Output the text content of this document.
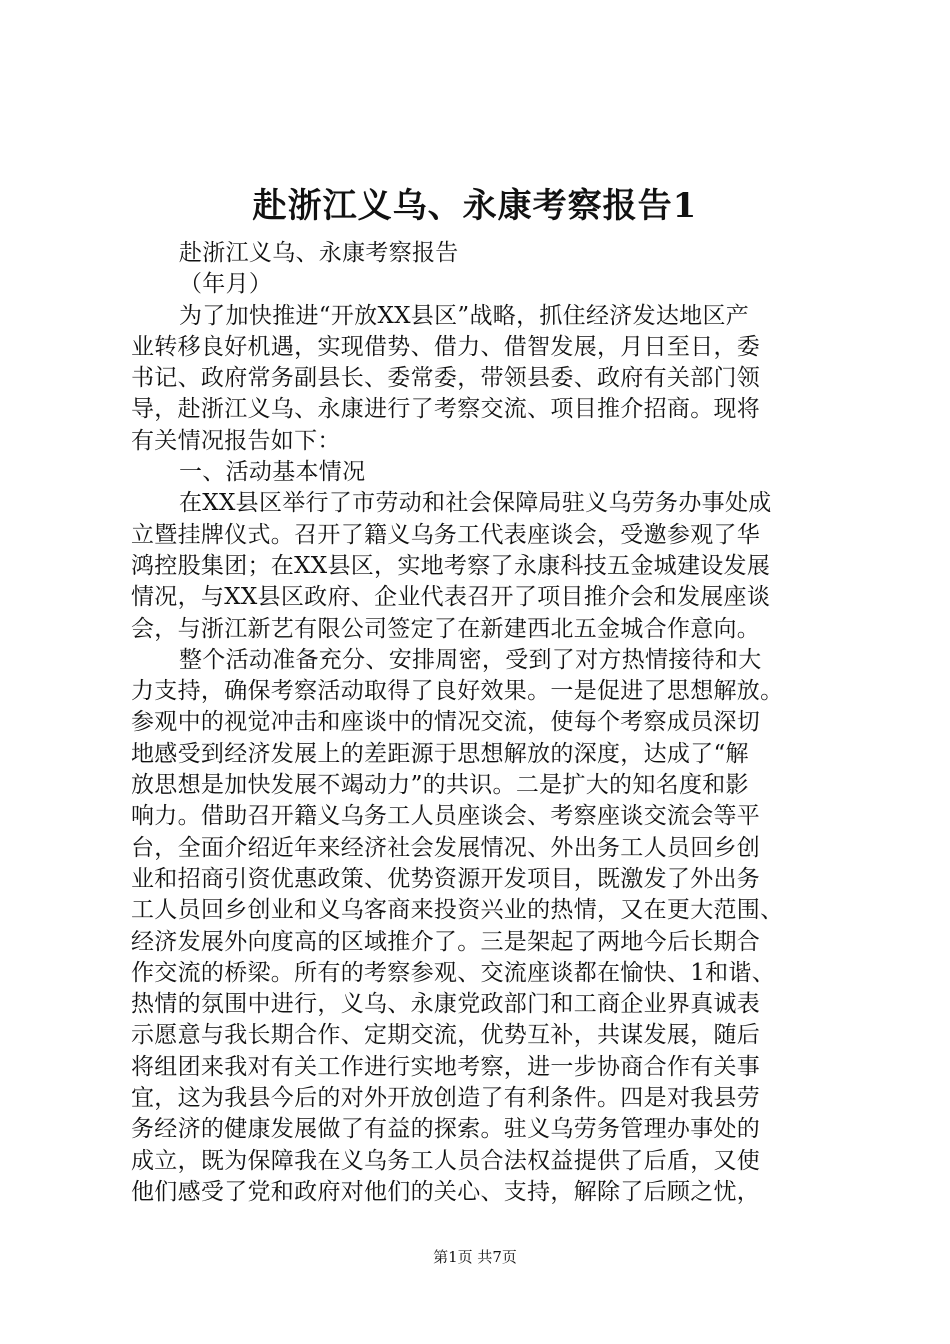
赴浙江义乌、永康考察报告1
赴浙江义乌、永康考察报告
（年月）
为了加快推进“开放XX县区”战略，抓住经济发达地区产
业转移良好机遇，实现借势、借力、借智发展，月日至日，委
书记、政府常务副县长、委常委，带领县委、政府有关部门领
导，赴浙江义乌、永康进行了考察交流、项目推介招商。现将
有关情况报告如下：
一、活动基本情况
在XX县区举行了市劳动和社会保障局驻义乌劳务办事处成
立暨挂牌仪式。召开了籍义乌务工代表座谈会，受邀参观了华
鸿控股集团；在XX县区，实地考察了永康科技五金城建设发展
情况，与XX县区政府、企业代表召开了项目推介会和发展座谈
会，与浙江新艺有限公司签定了在新建西北五金城合作意向。
整个活动准备充分、安排周密，受到了对方热情接待和大
力支持，确保考察活动取得了良好效果。一是促进了思想解放。
参观中的视觉冲击和座谈中的情况交流，使每个考察成员深切
地感受到经济发展上的差距源于思想解放的深度，达成了“解
放思想是加快发展不竭动力”的共识。二是扩大的知名度和影
响力。借助召开籍义乌务工人员座谈会、考察座谈交流会等平
台，全面介绍近年来经济社会发展情况、外出务工人员回乡创
业和招商引资优惠政策、优势资源开发项目，既激发了外出务
工人员回乡创业和义乌客商来投资兴业的热情，又在更大范围、
经济发展外向度高的区域推介了。三是架起了两地今后长期合
作交流的桥梁。所有的考察参观、交流座谈都在愉快、1和谐、
热情的氛围中进行，义乌、永康党政部门和工商企业界真诚表
示愿意与我长期合作、定期交流，优势互补，共谋发展，随后
将组团来我对有关工作进行实地考察，进一步协商合作有关事
宜，这为我县今后的对外开放创造了有利条件。四是对我县劳
务经济的健康发展做了有益的探索。驻义乌劳务管理办事处的
成立，既为保障我在义乌务工人员合法权益提供了后盾，又使
他们感受了党和政府对他们的关心、支持，解除了后顾之忧，
第1页 共7页
